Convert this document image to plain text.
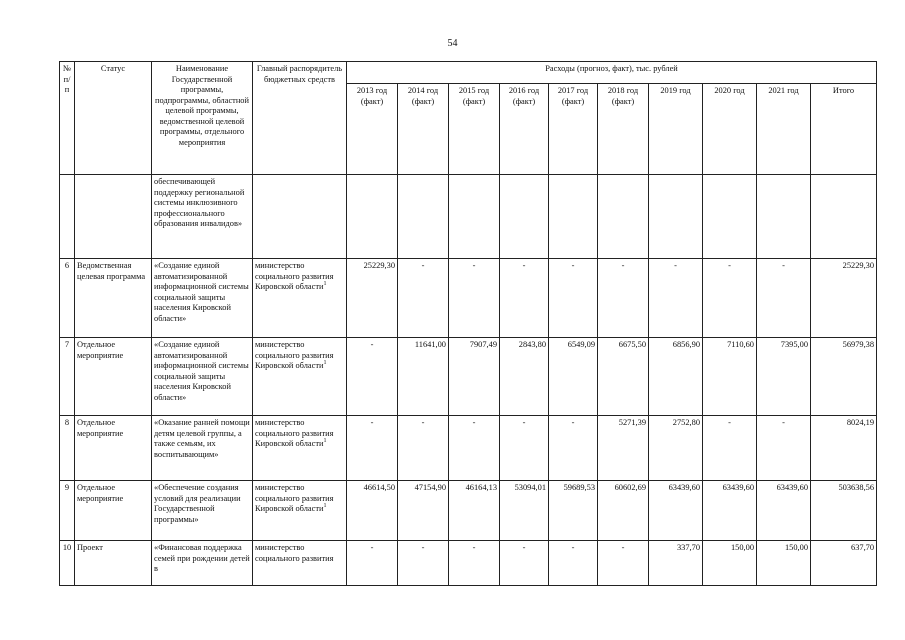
54
№ п/п	Статус	Наименование Государственной программы, подпрограммы, областной целевой программы, ведомственной целевой программы, отдельного мероприятия	Главный распорядитель бюджетных средств	Расходы (прогноз, факт), тыс. рублей									
				2013 год (факт)	2014 год (факт)	2015 год (факт)	2016 год (факт)	2017 год (факт)	2018 год (факт)	2019 год	2020 год	2021 год	Итого
		обеспечивающей поддержку региональной системы инклюзивного профессионального образования инвалидов»											
6	Ведомственная целевая программа	«Создание единой автоматизированной информационной системы социальной защиты населения Кировской области»	министерство социального развития Кировской области$^1$	25229,30	-	-	-	-	-	-	-	-	25229,30
7	Отдельное мероприятие	«Создание единой автоматизированной информационной системы социальной защиты населения Кировской области»	министерство социального развития Кировской области$^1$	-	11641,00	7907,49	2843,80	6549,09	6675,50	6856,90	7110,60	7395,00	56979,38
8	Отдельное мероприятие	«Оказание ранней помощи детям целевой группы, а также семьям, их воспитывающим»	министерство социального развития Кировской области$^1$	-	-	-	-	-	5271,39	2752,80	-	-	8024,19
9	Отдельное мероприятие	«Обеспечение создания условий для реализации Государственной программы»	министерство социального развития Кировской области$^1$	46614,50	47154,90	46164,13	53094,01	59689,53	60602,69	63439,60	63439,60	63439,60	503638,56
10	Проект	«Финансовая поддержка семей при рождении детей в	министерство социального развития	-	-	-	-	-	-	337,70	150,00	150,00	637,70
